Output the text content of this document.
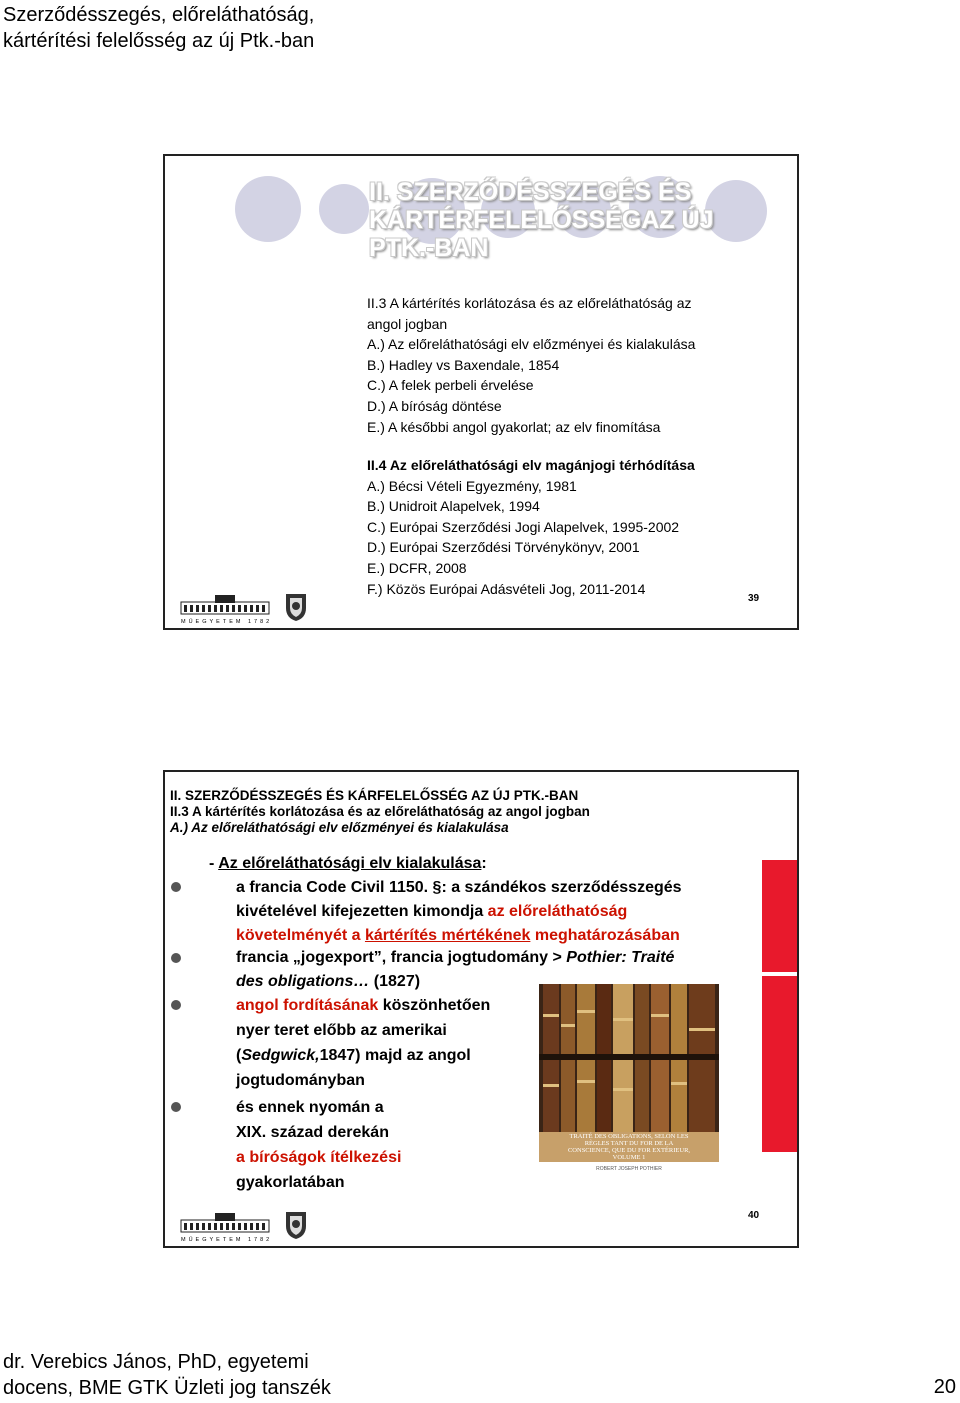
Szerződésszegés, előreláthatóság,
kártérítési felelősség az új Ptk.-ban
II. SZERZŐDÉSSZEGÉS ÉS
KÁRTÉRFELELŐSSÉGAZ ÚJ
PTK.-BAN
II.3 A kártérítés korlátozása és az előreláthatóság az
angol jogban
A.) Az előreláthatósági elv előzményei és kialakulása
B.) Hadley vs Baxendale, 1854
C.) A felek perbeli érvelése
D.) A bíróság döntése
E.) A későbbi angol gyakorlat; az elv finomítása
II.4 Az előreláthatósági elv magánjogi térhódítása
A.) Bécsi Vételi Egyezmény, 1981
B.) Unidroit Alapelvek, 1994
C.) Európai Szerződési Jogi Alapelvek, 1995-2002
D.) Európai Szerződési Törvénykönyv, 2001
E.) DCFR, 2008
F.) Közös Európai Adásvételi Jog, 2011-2014
MŰEGYETEM 1782
39
II. SZERZŐDÉSSZEGÉS ÉS KÁRFELELŐSSÉG AZ ÚJ PTK.-BAN
II.3 A kártérítés korlátozása és az előreláthatóság az angol jogban
A.) Az előreláthatósági elv előzményei és kialakulása
TRAITÉ DES OBLIGATIONS, SELON LES
RÈGLES TANT DU FOR DE LA
CONSCIENCE, QUE DU FOR EXTÉRIEUR,
VOLUME 1
ROBERT JOSEPH POTHIER
- Az előreláthatósági elv kialakulása:
a francia Code Civil 1150. §: a szándékos szerződésszegés
kivételével kifejezetten kimondja az előreláthatóság
követelményét a kártérítés mértékének meghatározásában
francia „jogexport”, francia jogtudomány > Pothier: Traité
des obligations… (1827)
angol fordításának köszönhetően
nyer teret előbb az amerikai
(Sedgwick,1847) majd az angol
jogtudományban
és ennek nyomán a
XIX. század derekán
a bíróságok ítélkezési
gyakorlatában
MŰEGYETEM 1782
40
dr. Verebics János, PhD, egyetemi
docens, BME GTK Üzleti jog tanszék	20
